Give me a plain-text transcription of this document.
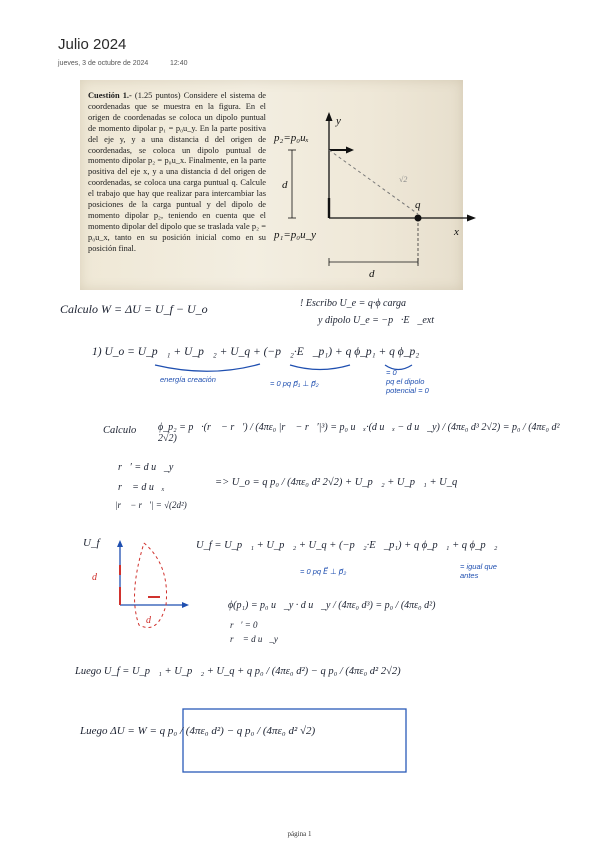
Julio 2024
jueves, 3 de octubre de 2024	12:40
Cuestión 1.- (1.25 puntos) Considere el sistema de coordenadas que se muestra en la figura. En el origen de coordenadas se coloca un dipolo puntual de momento dipolar p₁ = p₀u_y. En la parte positiva del eje y, y a una distancia d del origen de coordenadas, se coloca un dipolo puntual de momento dipolar p₂ = p₀u_x. Finalmente, en la parte positiva del eje x, y a una distancia d del origen de coordenadas, se coloca una carga puntual q. Calcule el trabajo que hay que realizar para intercambiar las posiciones de la carga puntual y del dipolo de momento dipolar p₂, teniendo en cuenta que el momento dipolar del dipolo que se traslada vale p₂ = p₀u_x, tanto en su posición inicial como en su posición final.
y
x
p₂=p₀uₓ
p₁=p₀u_y
q
d
d
√2
Calculo W = ΔU = U_f − U_o	! Escribo U_e = q·ϕ carga
y dipolo U_e = −p⃗·E⃗_ext
1) U_o = U_p⃗₁ + U_p⃗₂ + U_q + (−p⃗₂·E⃗_p₁) + q ϕ_p₁ + q ϕ_p₂
energía creación	= 0 pq p⃗₁ ⊥ p⃗₂
= 0
pq el dipolo
potencial = 0
Calculo ϕ_p₂ = p⃗·(r⃗ − r⃗′) / (4πε₀ |r⃗ − r⃗′|³) = p₀ u⃗ₓ·(d u⃗ₓ − d u⃗_y) / (4πε₀ d³ 2√2) = p₀ / (4πε₀ d² 2√2)
r⃗′ = d u⃗_y
r⃗ = d u⃗ₓ
|r⃗ − r⃗′| = √(2d²)
=> U_o = q p₀ / (4πε₀ d² 2√2) + U_p⃗₂ + U_p⃗₁ + U_q
U_f
d
d
U_f = U_p⃗₁ + U_p⃗₂ + U_q + (−p⃗₂·E⃗_p₁) + q ϕ_p⃗₁ + q ϕ_p⃗₂
= 0 pq E⃗ ⊥ p⃗₂
= igual que
antes
ϕ(p₁) = p₀ u⃗_y · d u⃗_y / (4πε₀ d³) = p₀ / (4πε₀ d²)
r⃗′ = 0
r⃗ = d u⃗_y
Luego U_f = U_p⃗₁ + U_p⃗₂ + U_q + q p₀ / (4πε₀ d²) − q p₀ / (4πε₀ d² 2√2)
Luego ΔU = W = q p₀ / (4πε₀ d²) − q p₀ / (4πε₀ d² √2)
página 1
